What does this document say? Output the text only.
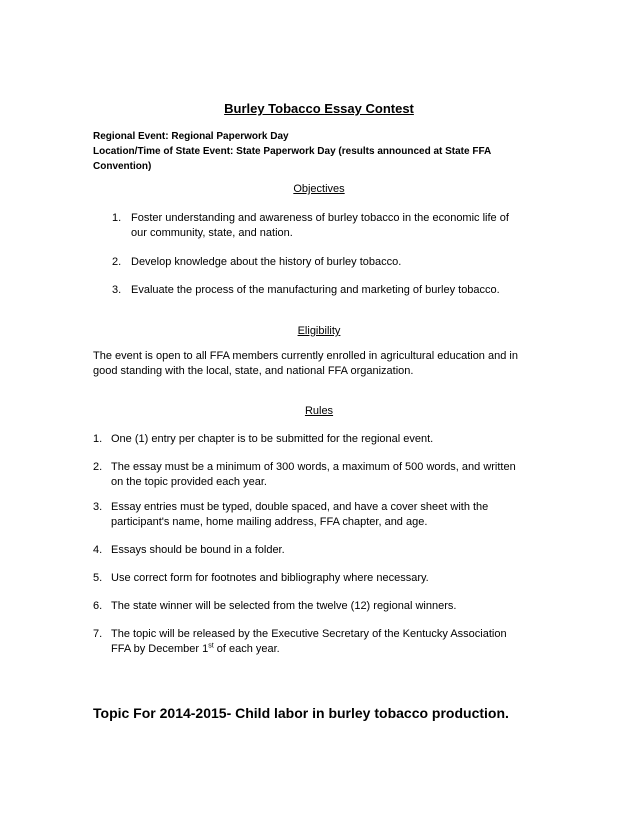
Burley Tobacco Essay Contest
Regional Event: Regional Paperwork Day
Location/Time of State Event: State Paperwork Day (results announced at State FFA
Convention)
Objectives
1. Foster understanding and awareness of burley tobacco in the economic life of
our community, state, and nation.
2. Develop knowledge about the history of burley tobacco.
3. Evaluate the process of the manufacturing and marketing of burley tobacco.
Eligibility
The event is open to all FFA members currently enrolled in agricultural education and in
good standing with the local, state, and national FFA organization.
Rules
1. One (1) entry per chapter is to be submitted for the regional event.
2. The essay must be a minimum of 300 words, a maximum of 500 words, and written
on the topic provided each year.
3. Essay entries must be typed, double spaced, and have a cover sheet with the
participant's name, home mailing address, FFA chapter, and age.
4. Essays should be bound in a folder.
5. Use correct form for footnotes and bibliography where necessary.
6. The state winner will be selected from the twelve (12) regional winners.
7. The topic will be released by the Executive Secretary of the Kentucky Association
FFA by December 1st of each year.
Topic For 2014-2015- Child labor in burley tobacco production.
